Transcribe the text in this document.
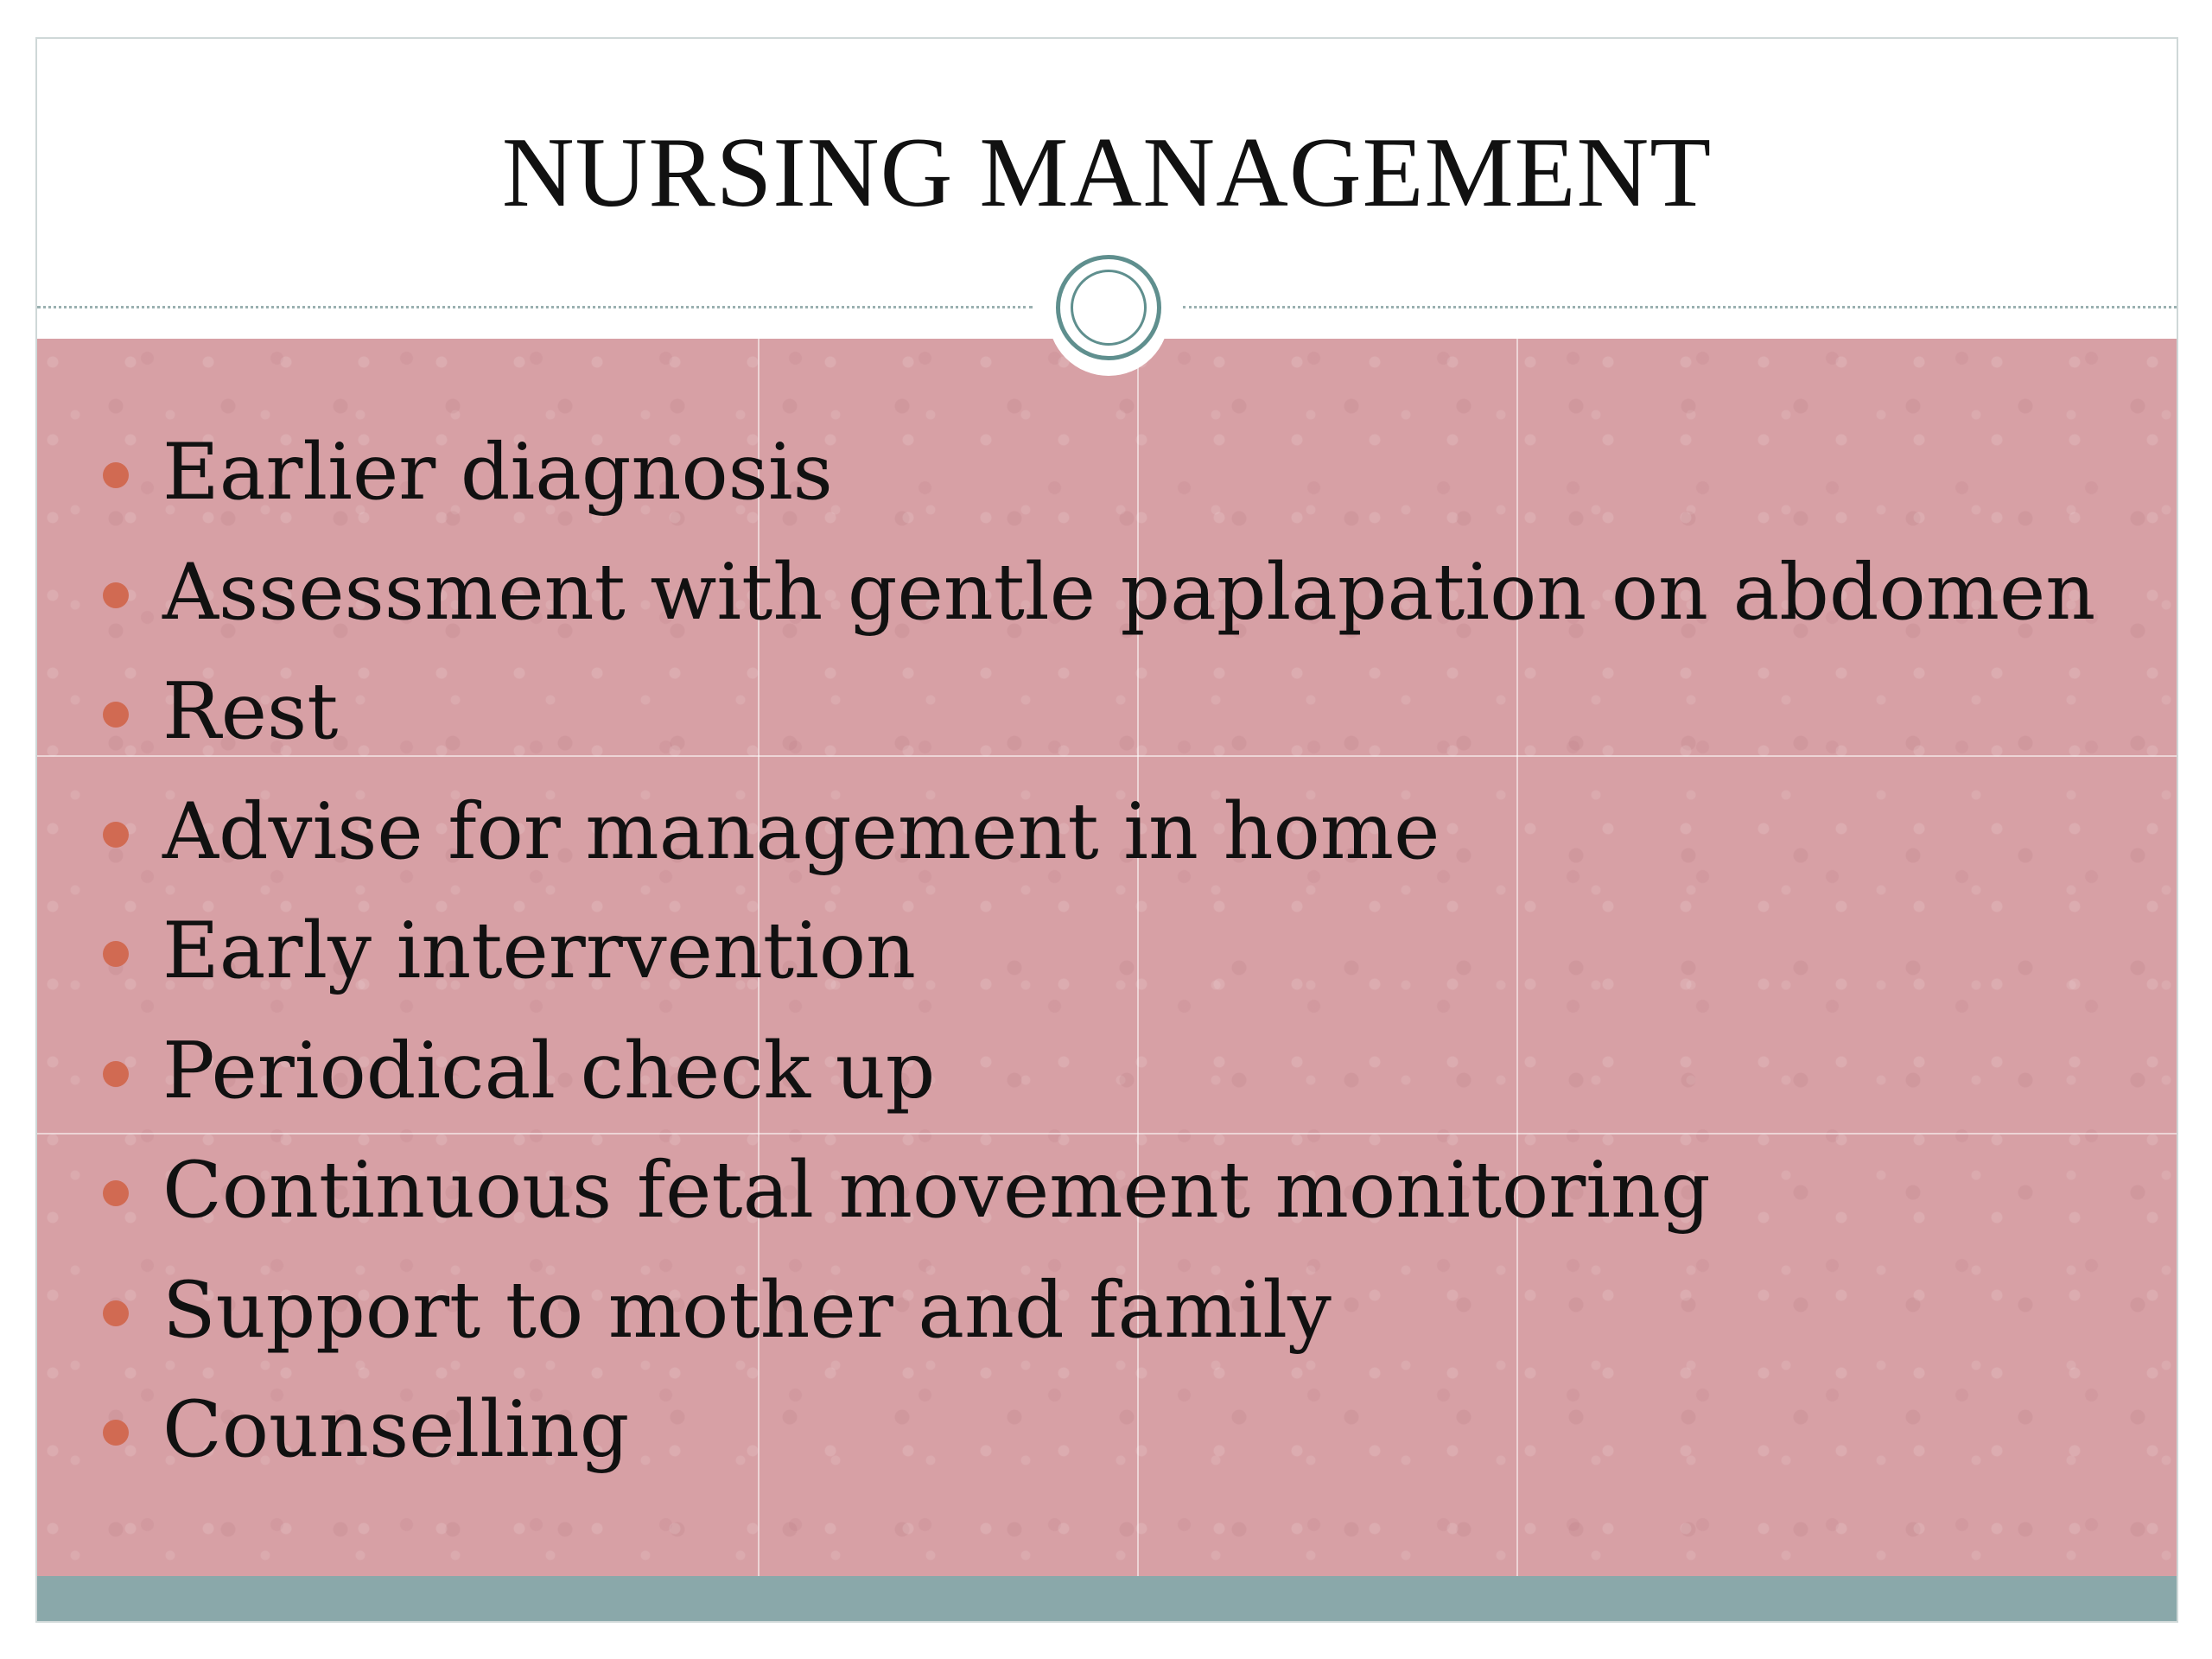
NURSING MANAGEMENT
Earlier diagnosis
Assessment with gentle paplapation on abdomen
Rest
Advise for management in home
Early interrvention
Periodical check up
Continuous fetal movement monitoring
Support to mother and family
Counselling
